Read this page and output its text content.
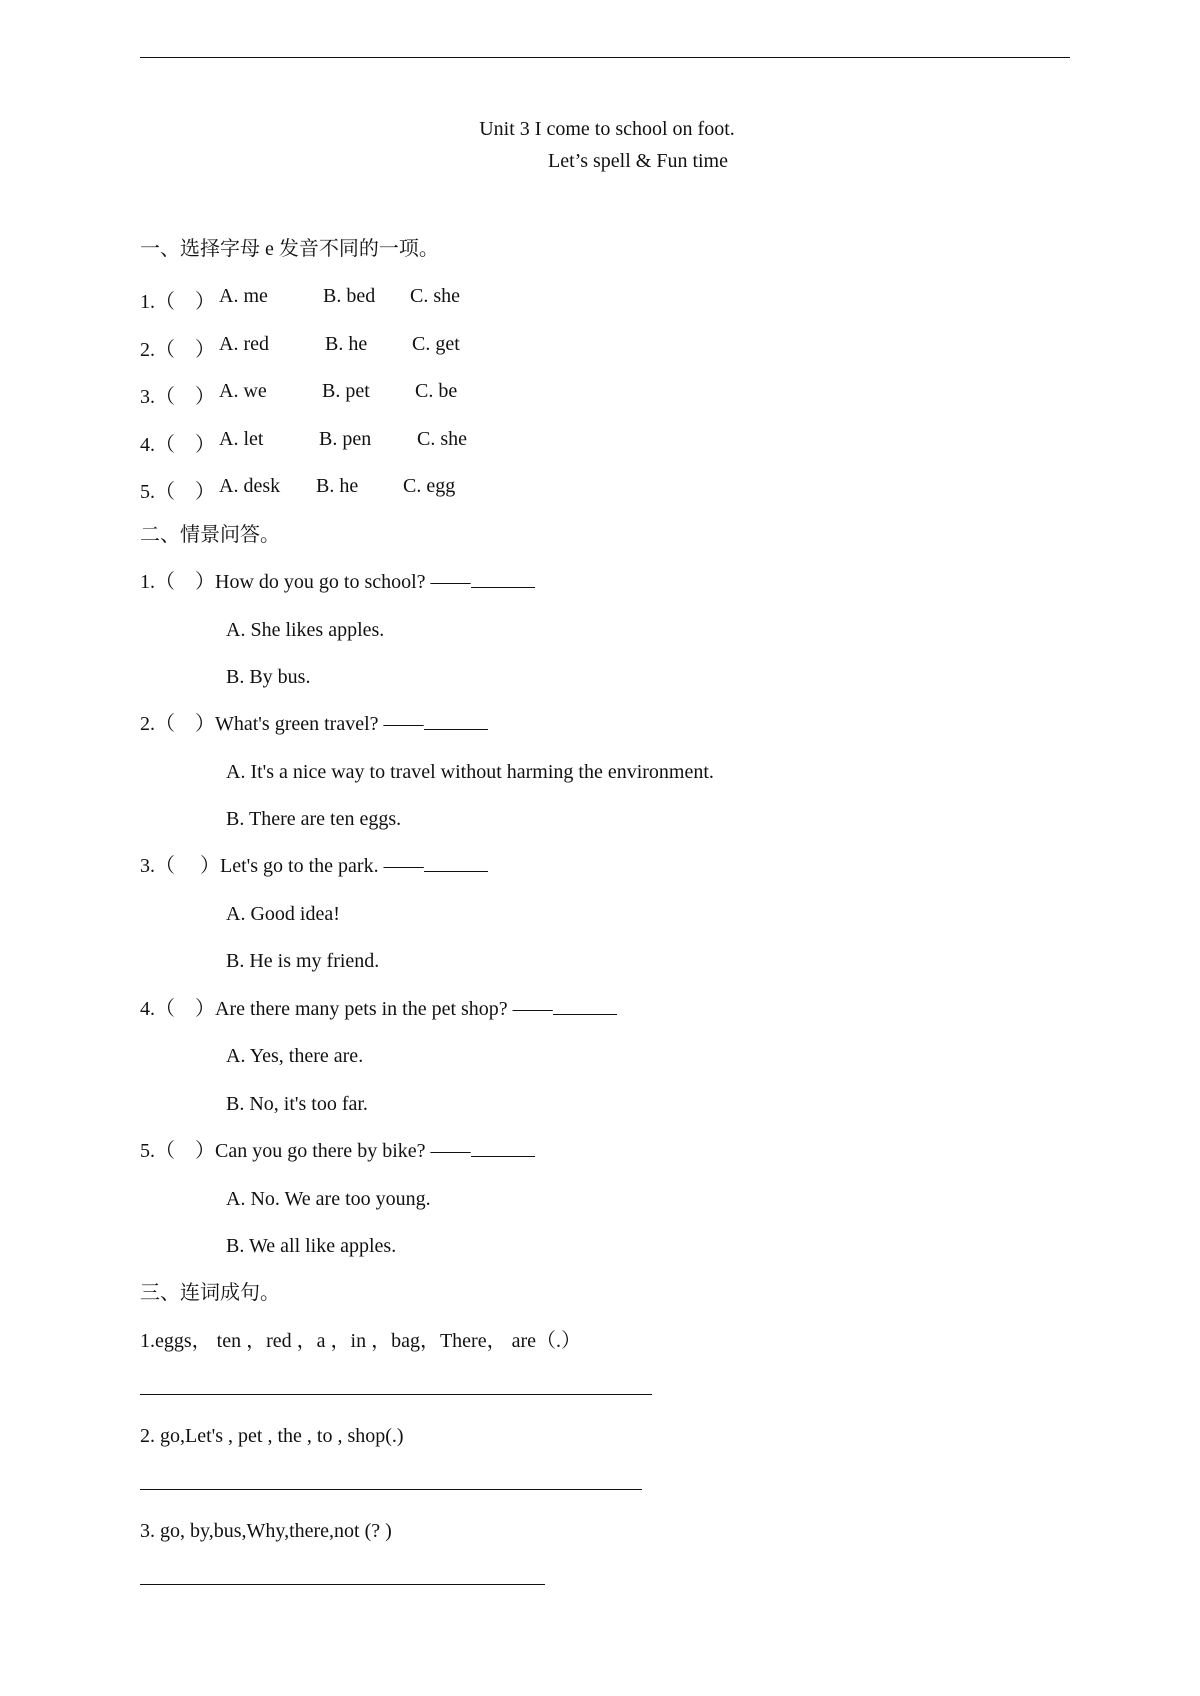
Unit 3 I come to school on foot.
Let’s spell & Fun time
一、选择字母 e 发音不同的一项。
1.（　） A. me	B. bed C. she
2.（　） A. red	B. he C. get
3.（　） A. we	B. pet C. be
4.（　） A. let	B. pen C. she
5.（　） A. desk B. he C. egg
二、情景问答。
1.（　）How do you go to school? ——
A. She likes apples.
B. By bus.
2.（　）What's green travel? ——
A. It's a nice way to travel without harming the environment.
B. There are ten eggs.
3.（　 ）Let's go to the park. ——
A. Good idea!
B. He is my friend.
4.（　）Are there many pets in the pet shop? ——
A. Yes, there are.
B. No, it's too far.
5.（　）Can you go there by bike? ——
A. No. We are too young.
B. We all like apples.
三、连词成句。
1.eggs， ten ，red ，a ，in ，bag，There， are（.）
2. go,Let's , pet , the , to , shop(.)
3. go, by,bus,Why,there,not (? )
